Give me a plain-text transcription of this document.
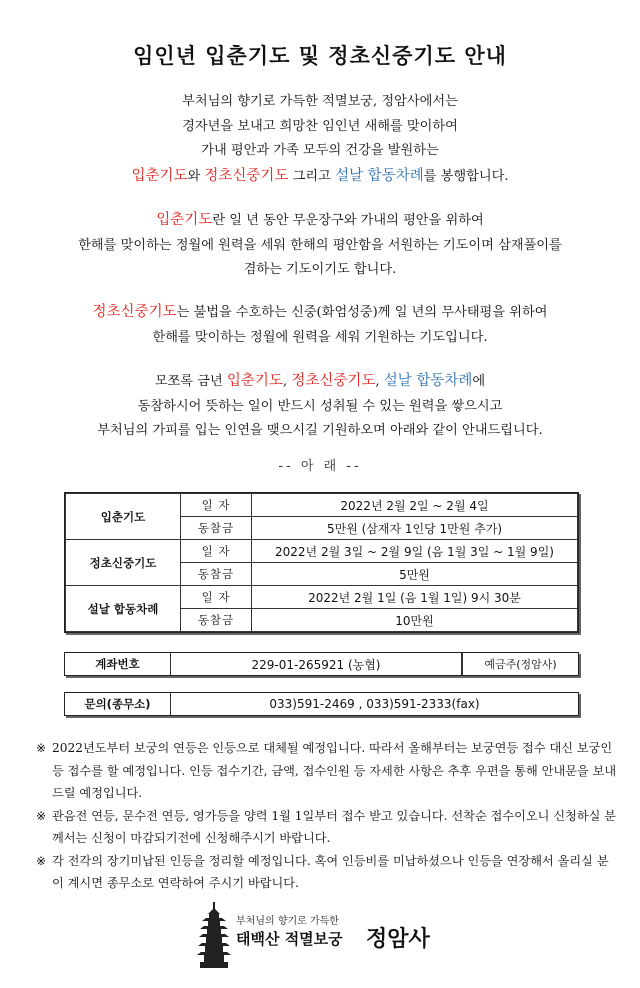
임인년 입춘기도 및 정초신중기도 안내
부처님의 향기로 가득한 적멸보궁, 정암사에서는
경자년을 보내고 희망찬 임인년 새해를 맞이하여
가내 평안과 가족 모두의 건강을 발원하는
입춘기도와 정초신중기도 그리고 설날 합동차례를 봉행합니다.
입춘기도란 일 년 동안 무운장구와 가내의 평안을 위하여
한해를 맞이하는 정월에 원력을 세워 한해의 평안함을 서원하는 기도이며 삼재풀이를
겸하는 기도이기도 합니다.
정초신중기도는 불법을 수호하는 신중(화엄성중)께 일 년의 무사태평을 위하여
한해를 맞이하는 정월에 원력을 세워 기원하는 기도입니다.
모쪼록 금년 입춘기도, 정초신중기도, 설날 합동차례에
동참하시어 뜻하는 일이 반드시 성취될 수 있는 원력을 쌓으시고
부처님의 가피를 입는 인연을 맺으시길 기원하오며 아래와 같이 안내드립니다.
-- 아 래 --
입춘기도	일 자	2022년 2월 2일 ~ 2월 4일
	동참금	5만원 (삼재자 1인당 1만원 추가)
정초신중기도	일 자	2022년 2월 3일 ~ 2월 9일 (음 1월 3일 ~ 1월 9일)
	동참금	5만원
설날 합동차례	일 자	2022년 2월 1일 (음 1월 1일) 9시 30분
	동참금	10만원
계좌번호	229-01-265921 (농협)	예금주(정암사)
문의(종무소)	033)591-2469 , 033)591-2333(fax)
※ 2022년도부터 보궁의 연등은 인등으로 대체될 예정입니다. 따라서 올해부터는 보궁연등 접수 대신 보궁인등 접수를 할 예정입니다. 인등 접수기간, 금액, 접수인원 등 자세한 사항은 추후 우편을 통해 안내문을 보내드릴 예정입니다.
※ 관음전 연등, 문수전 연등, 영가등을 양력 1월 1일부터 접수 받고 있습니다. 선착순 접수이오니 신청하실 분께서는 신청이 마감되기전에 신청해주시기 바랍니다.
※ 각 전각의 장기미납된 인등을 정리할 예정입니다. 혹여 인등비를 미납하셨으나 인등을 연장해서 올리실 분이 계시면 종무소로 연락하여 주시기 바랍니다.
부처님의 향기로 가득한
태백산 적멸보궁 정암사
